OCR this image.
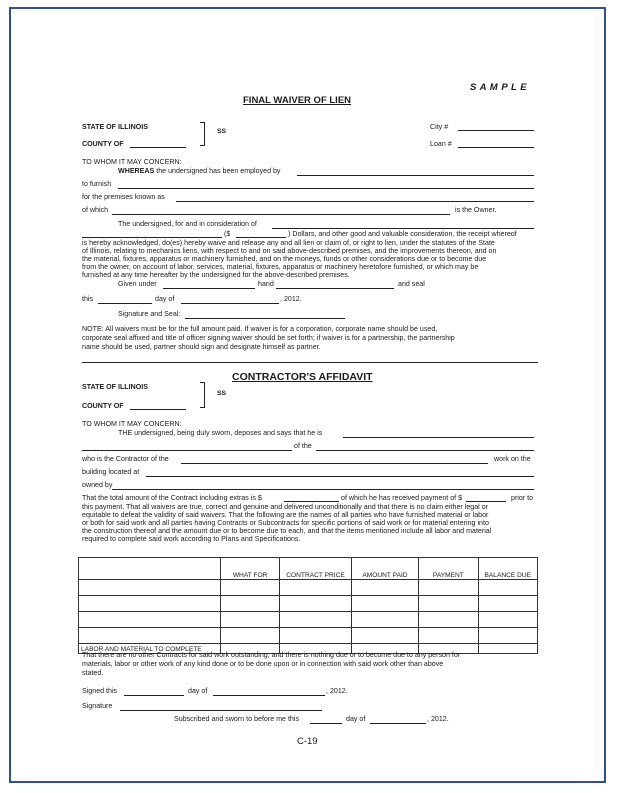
S A M P L E
FINAL WAIVER OF LIEN
STATE OF ILLINOIS
SS
COUNTY OF
City #
Loan #
TO WHOM IT MAY CONCERN:
WHEREAS the undersigned has been employed by
to furnish
for the premises known as
of which	is the Owner.
The undersigned, for and in consideration of
($	) Dollars, and other good and valuable consideration, the receipt whereof
is hereby acknowledged, do(es) hereby waive and release any and all lien or claim of, or right to lien, under the statutes of the State
of Illinois, relating to mechanics liens, with respect to and on said above-described premises, and the improvements thereon, and on
the material, fixtures, apparatus or machinery furnished, and on the moneys, funds or other considerations due or to become due
from the owner, on account of labor, services, material, fixtures, apparatus or machinery heretofore furnished, or which may be
furnished at any time hereafter by the undersigned for the above-described premises.
Given under	hand	and seal
this	day of	, 2012.
Signature and Seal:
NOTE: All waivers must be for the full amount paid. If waiver is for a corporation, corporate name should be used,
corporate seal affixed and title of officer signing waiver should be set forth; if waiver is for a partnership, the partnership
name should be used, partner should sign and designate himself as partner.
CONTRACTOR'S AFFIDAVIT
STATE OF ILLINOIS
SS
COUNTY OF
TO WHOM IT MAY CONCERN:
THE undersigned, being duly sworn, deposes and says that he is
of the
who is the Contractor of the	work on the
building located at
owned by
That the total amount of the Contract including extras is $	of which he has received payment of $	prior to
this payment. That all waivers are true, correct and genuine and delivered unconditionally and that there is no claim either legal or
equitable to defeat the validity of said waivers. That the following are the names of all parties who have furnished material or labor
or both for said work and all parties having Contracts or Subcontracts for specific portions of said work or for material entering into
the construction thereof and the amount due or to become due to each, and that the items mentioned include all labor and material
required to complete said work according to Plans and Specifications.
	WHAT FOR	CONTRACT PRICE	AMOUNT PAID	PAYMENT	BALANCE DUE

LABOR AND MATERIAL TO COMPLETE					
That there are no other Contracts for said work outstanding, and there is nothing due or to become due to any person for
materials, labor or other work of any kind done or to be done upon or in connection with said work other than above
stated.
Signed this	day of	, 2012.
Signature
Subscribed and sworn to before me this	day of	, 2012.
C-19
